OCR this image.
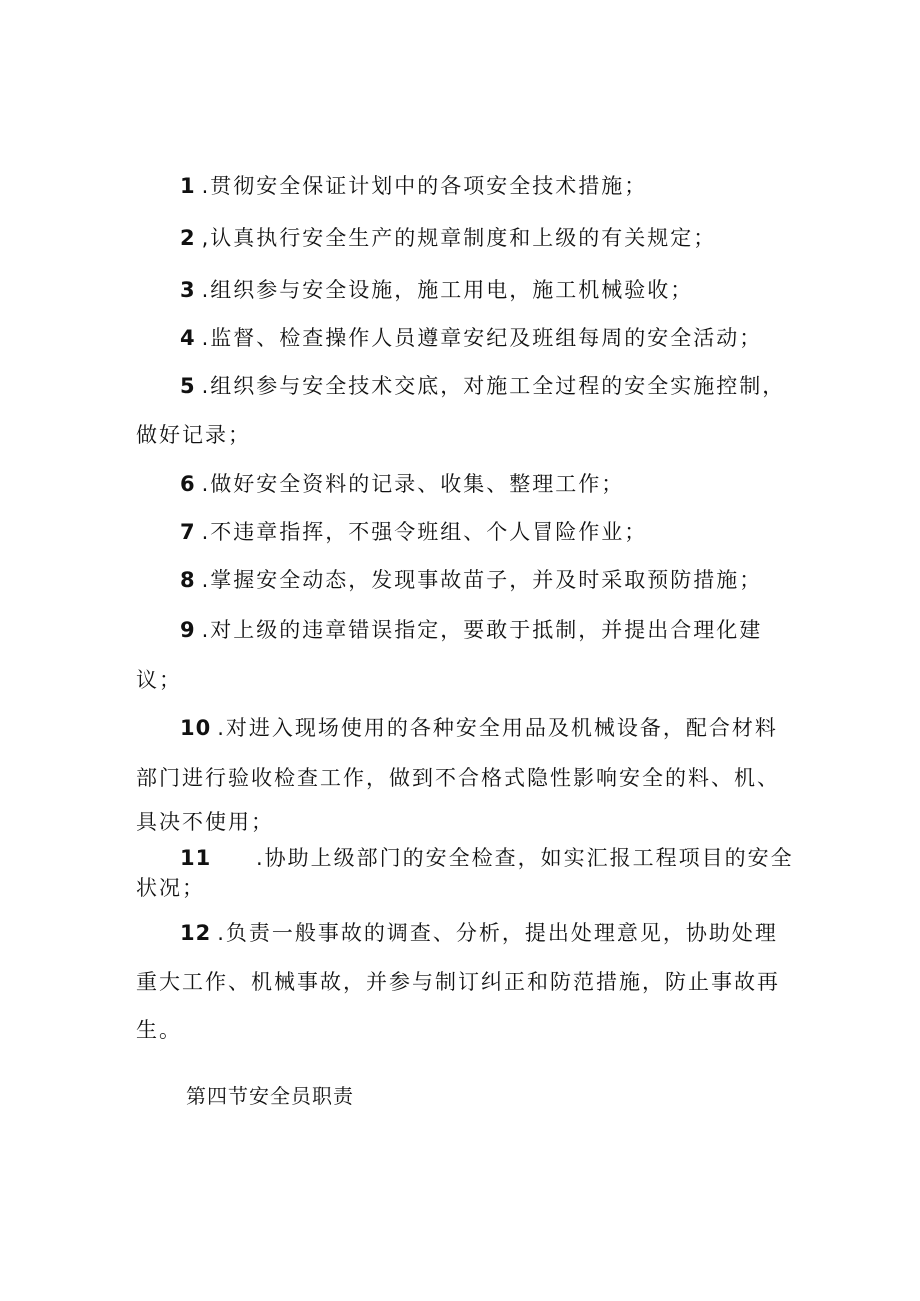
1 .贯彻安全保证计划中的各项安全技术措施；
2 ,认真执行安全生产的规章制度和上级的有关规定；
3 .组织参与安全设施，施工用电，施工机械验收；
4 .监督、检查操作人员遵章安纪及班组每周的安全活动；
5 .组织参与安全技术交底，对施工全过程的安全实施控制，
做好记录；
6 .做好安全资料的记录、收集、整理工作；
7 .不违章指挥，不强令班组、个人冒险作业；
8 .掌握安全动态，发现事故苗子，并及时采取预防措施；
9 .对上级的违章错误指定，要敢于抵制，并提出合理化建
议；
10 .对进入现场使用的各种安全用品及机械设备，配合材料
部门进行验收检查工作，做到不合格式隐性影响安全的料、机、
具决不使用；
11 .协助上级部门的安全检查，如实汇报工程项目的安全
状况；
12 .负责一般事故的调查、分析，提出处理意见，协助处理
重大工作、机械事故，并参与制订纠正和防范措施，防止事故再
生。
第四节安全员职责
